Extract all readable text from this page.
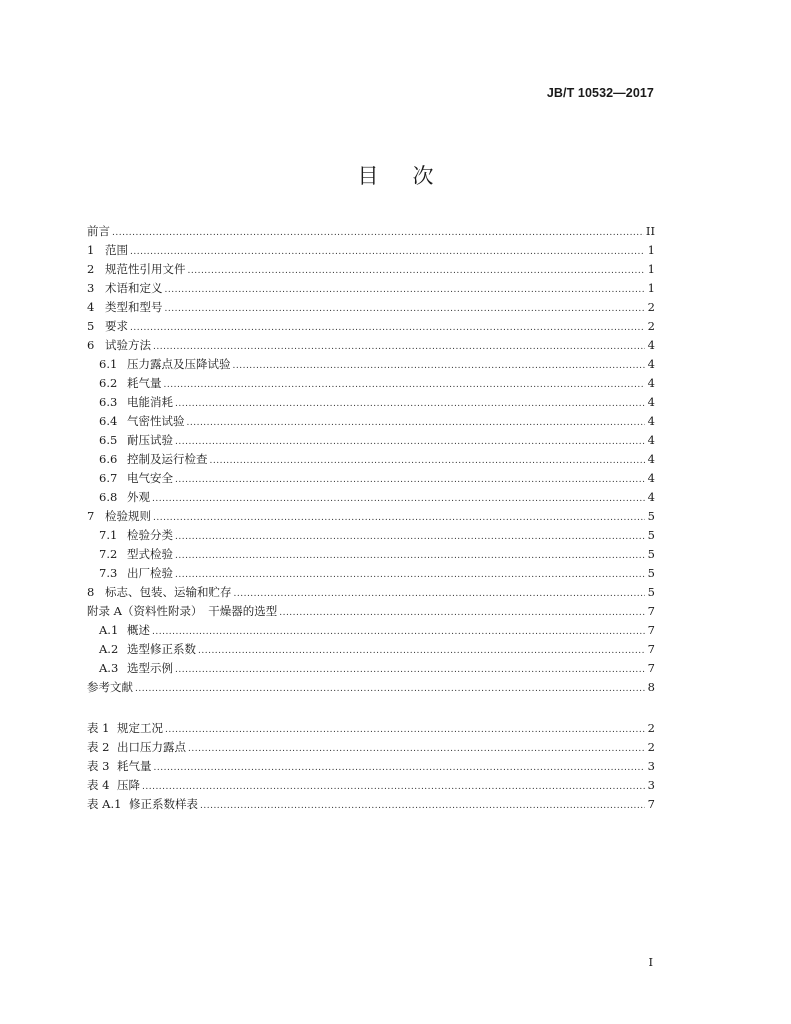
JB/T 10532—2017
目 次
前言 .....	II
1 范围 .....	1
2 规范性引用文件 .....	1
3 术语和定义 .....	1
4 类型和型号 .....	2
5 要求 .....	2
6 试验方法 .....	4
6.1 压力露点及压降试验 .....	4
6.2 耗气量 .....	4
6.3 电能消耗 .....	4
6.4 气密性试验 .....	4
6.5 耐压试验 .....	4
6.6 控制及运行检查 .....	4
6.7 电气安全 .....	4
6.8 外观 .....	4
7 检验规则 .....	5
7.1 检验分类 .....	5
7.2 型式检验 .....	5
7.3 出厂检验 .....	5
8 标志、包装、运输和贮存 .....	5
附录 A（资料性附录）　干燥器的选型 .....	7
A.1 概述 .....	7
A.2 选型修正系数 .....	7
A.3 选型示例 .....	7
参考文献 .....	8
表 1 规定工况 .....	2
表 2 出口压力露点 .....	2
表 3 耗气量 .....	3
表 4 压降 .....	3
表 A.1 修正系数样表 .....	7
I
